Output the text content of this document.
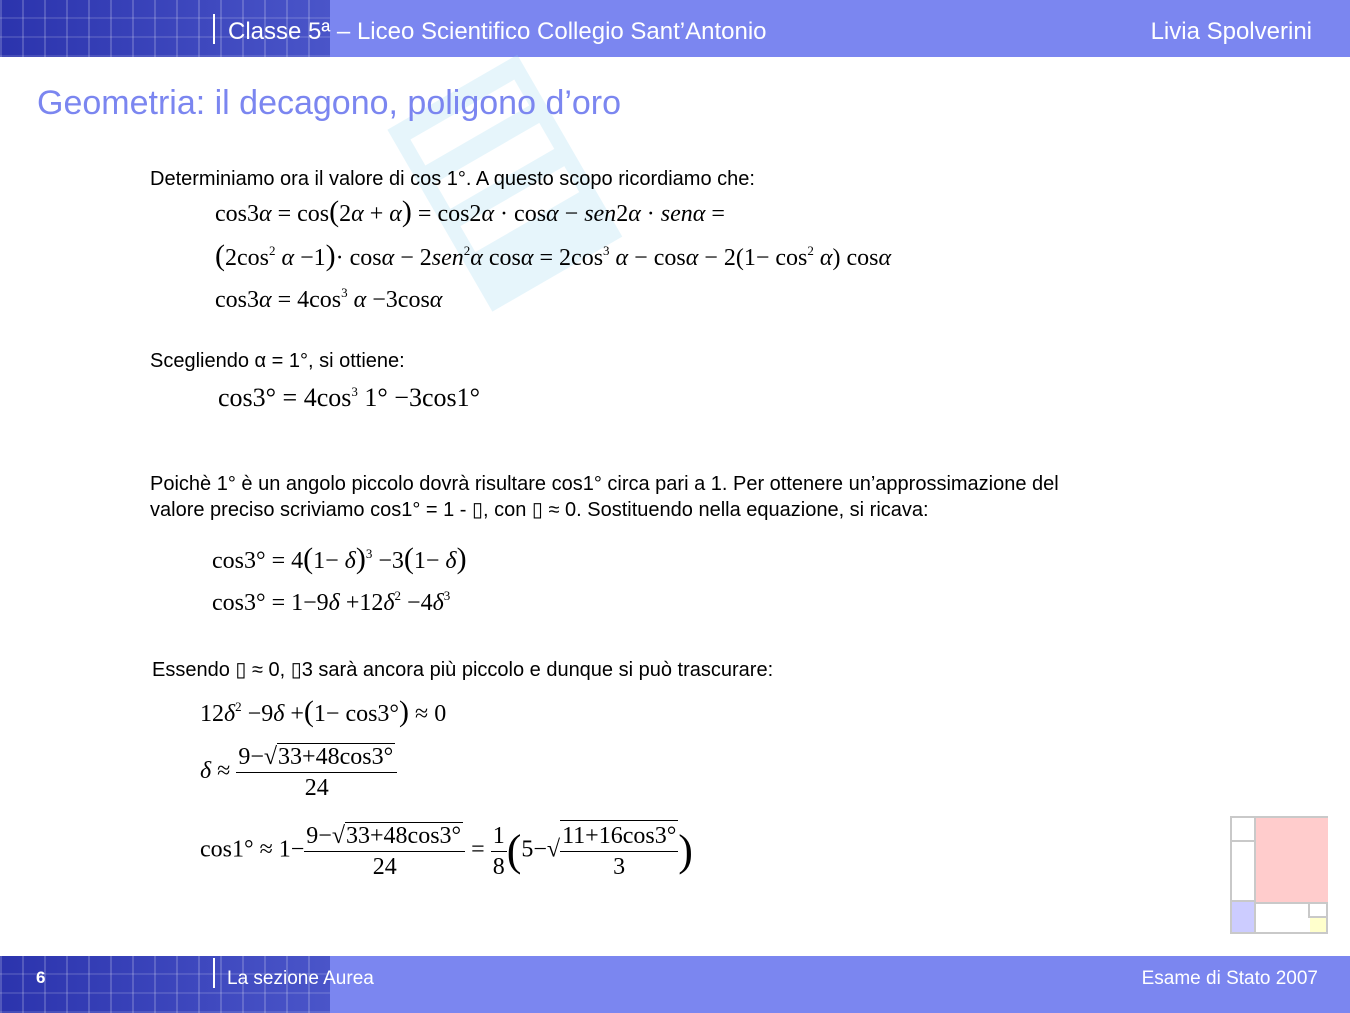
Classe 5ª – Liceo Scientifico Collegio Sant’Antonio	Livia Spolverini
Geometria: il decagono, poligono d’oro
Determiniamo ora il valore di cos 1°. A questo scopo ricordiamo che:
cos3α = cos(2α + α) = cos2α · cosα − sen2α · senα =
($2\cos^2$ α −1)· cosα − 2sen$^2$α $\cos\alpha = 2\cos^3$ $\alpha - \cos\alpha - 2(1- \cos^2 \alpha)$ cosα
$\cos 3\alpha = 4\cos^3$ α −3cosα
Scegliendo α = 1°, si ottiene:
$\cos 3^\circ = 4\cos^3$ 1° −3cos1°
Poichè 1° è un angolo piccolo dovrà risultare cos1° circa pari a 1. Per ottenere un’approssimazione del
valore preciso scriviamo cos1° = 1 - ▯, con ▯ ≈ 0. Sostituendo nella equazione, si ricava:
$\cos 3^\circ = 4(1- \delta)^3 -3(1- \delta)$
$\cos 3^\circ = 1-9\delta +12\delta^2 -4\delta^3$
Essendo ▯ ≈ 0, ▯3 sarà ancora più piccolo e dunque si può trascurare:
$12\delta^2 -9\delta +(1- \cos 3^\circ) \approx 0$
$\delta \approx \frac{9-√33+48\cos 3^\circ}{24}$
$\cos 1^\circ \approx 1- \frac{9-√33+48\cos 3^\circ}{24} = \frac{1}{8} (5-√ \frac{11+16\cos 3^\circ}{3}$ )
6	La sezione Aurea	Esame di Stato 2007
